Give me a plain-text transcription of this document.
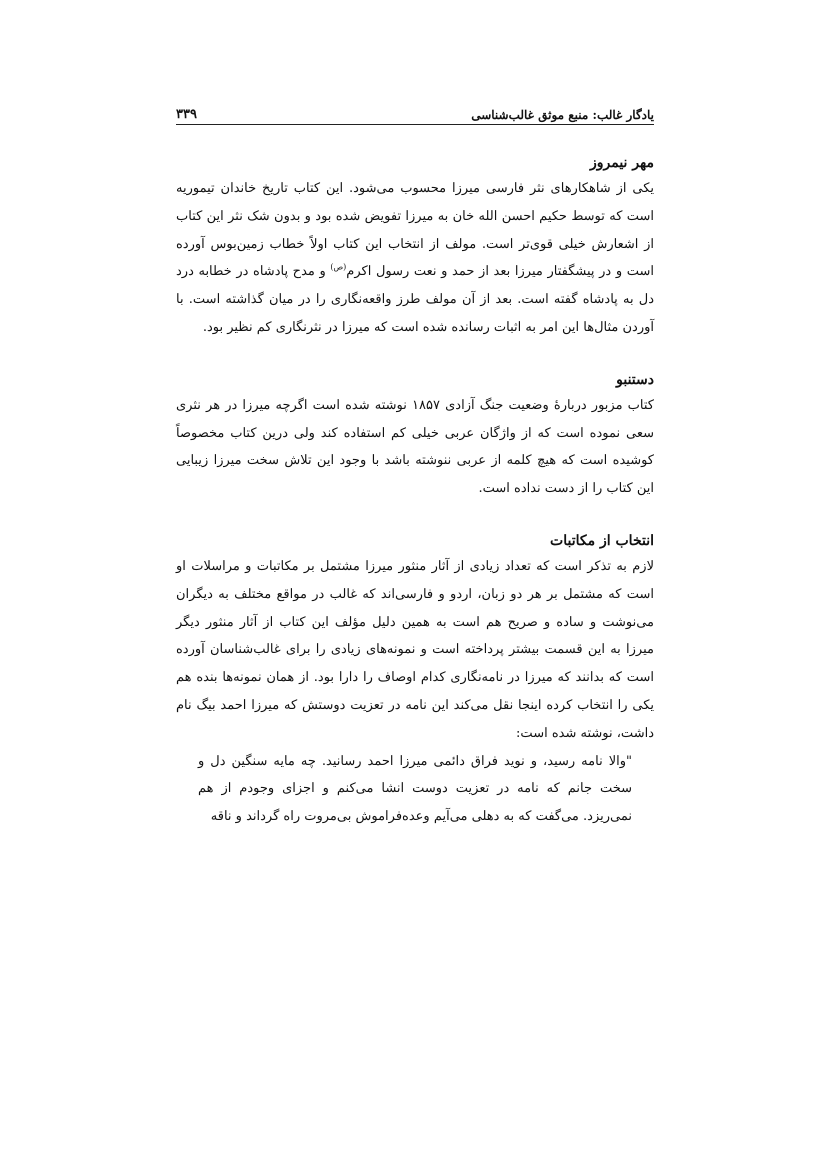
یادگار غالب: منبع موثق غالب‌شناسی
۳۳۹
مهر نیمروز

یکی از شاهکارهای نثر فارسی میرزا محسوب می‌شود. این کتاب تاریخ خاندان تیموریه است که توسط حکیم احسن الله خان به میرزا تفویض شده بود و بدون شک نثر این کتاب از اشعارش خیلی قوی‌تر است. مولف از انتخاب این کتاب اولاً خطاب زمین‌بوس آورده است و در پیشگفتار میرزا بعد از حمد و نعت رسول اکرم$^{(ص)}$ و مدح پادشاه در خطابه درد دل به پادشاه گفته است. بعد از آن مولف طرز واقعه‌نگاری را در میان گذاشته است. با آوردن مثال‌ها این امر به اثبات رسانده شده است که میرزا در نثرنگاری کم نظیر بود.

دستنبو

کتاب مزبور دربارهٔ وضعیت جنگ آزادی ۱۸۵۷ نوشته شده است اگرچه میرزا در هر نثری سعی نموده است که از واژگان عربی خیلی کم استفاده کند ولی درین کتاب مخصوصاً کوشیده است که هیچ کلمه از عربی ننوشته باشد با وجود این تلاش سخت میرزا زیبایی این کتاب را از دست نداده است.

انتخاب از مکاتبات

لازم به تذکر است که تعداد زیادی از آثار منثور میرزا مشتمل بر مکاتبات و مراسلات او است که مشتمل بر هر دو زبان، اردو و فارسی‌اند که غالب در مواقع مختلف به دیگران می‌نوشت و ساده و صریح هم است به همین دلیل مؤلف این کتاب از آثار منثور دیگر میرزا به این قسمت بیشتر پرداخته است و نمونه‌های زیادی را برای غالب‌شناسان آورده است که بدانند که میرزا در نامه‌نگاری کدام اوصاف را دارا بود. از همان نمونه‌ها بنده هم یکی را انتخاب کرده اینجا نقل می‌کند این نامه در تعزیت دوستش که میرزا احمد بیگ نام داشت، نوشته شده است:

"والا نامه رسید، و نوید فراق دائمی میرزا احمد رسانید. چه مایه سنگین دل و سخت جانم که نامه در تعزیت دوست انشا می‌کنم و اجزای وجودم از هم نمی‌ریزد. می‌گفت که به دهلی می‌آیم وعده‌فراموش بی‌مروت راه گرداند و ناقه
